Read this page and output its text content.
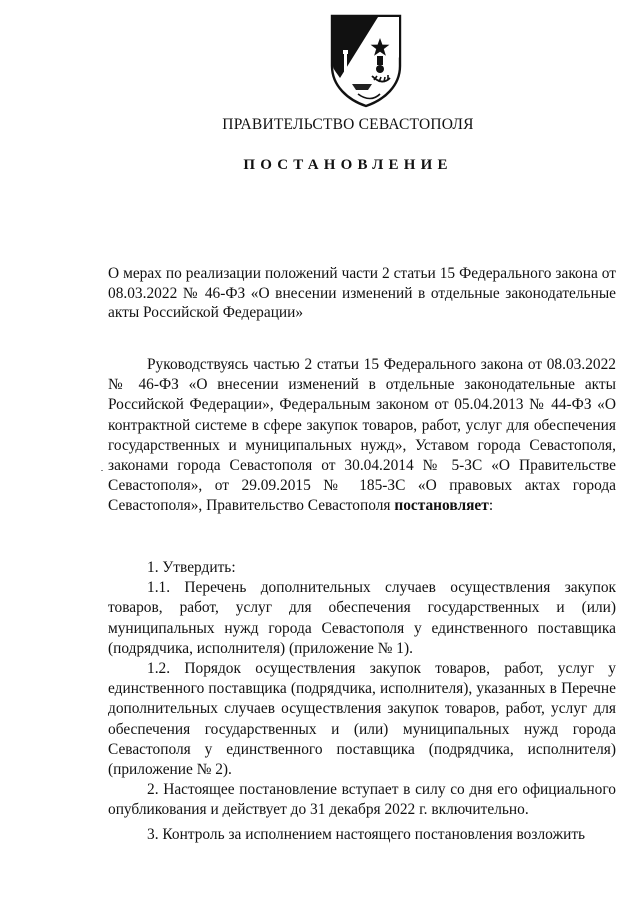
ПРАВИТЕЛЬСТВО СЕВАСТОПОЛЯ
ПОСТАНОВЛЕНИЕ
О мерах по реализации положений части 2 статьи 15 Федерального закона от 08.03.2022 № 46-ФЗ «О внесении изменений в отдельные законодательные акты Российской Федерации»

Руководствуясь частью 2 статьи 15 Федерального закона от 08.03.2022 № 46-ФЗ «О внесении изменений в отдельные законодательные акты Российской Федерации», Федеральным законом от 05.04.2013 № 44-ФЗ «О контрактной системе в сфере закупок товаров, работ, услуг для обеспечения государственных и муниципальных нужд», Уставом города Севастополя, законами города Севастополя от 30.04.2014 № 5-ЗС «О Правительстве Севастополя», от 29.09.2015 № 185-ЗС «О правовых актах города Севастополя», Правительство Севастополя постановляет:

1. Утвердить:

1.1. Перечень дополнительных случаев осуществления закупок товаров, работ, услуг для обеспечения государственных и (или) муниципальных нужд города Севастополя у единственного поставщика (подрядчика, исполнителя) (приложение № 1).

1.2. Порядок осуществления закупок товаров, работ, услуг у единственного поставщика (подрядчика, исполнителя), указанных в Перечне дополнительных случаев осуществления закупок товаров, работ, услуг для обеспечения государственных и (или) муниципальных нужд города Севастополя у единственного поставщика (подрядчика, исполнителя) (приложение № 2).

2. Настоящее постановление вступает в силу со дня его официального опубликования и действует до 31 декабря 2022 г. включительно.

3. Контроль за исполнением настоящего постановления возложить
